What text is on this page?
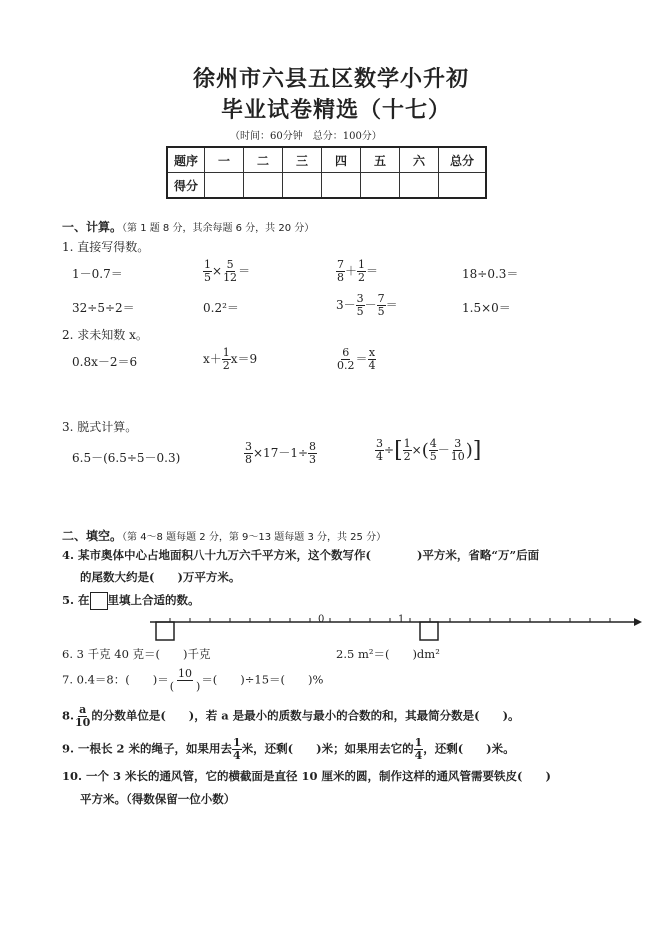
徐州市六县五区数学小升初
毕业试卷精选（十七）
（时间：60分钟　总分：100分）
题序	一	二	三	四	五	六	总分
得分							
一、计算。（第 1 题 8 分，其余每题 6 分，共 20 分）
1. 直接写得数。
1－0.7＝	$\frac{1}{5} \times \frac{5}{12}$ ＝	$\frac{7}{8} + \frac{1}{2}$ ＝	18÷0.3＝
32÷5÷2＝	0.2²＝	$3- \frac{3}{5} - \frac{7}{5}$ ＝	1.5×0＝
2. 求未知数 x。
0.8x－2＝6	$x+ \frac{1}{2} x=9$	$\frac{6}{0.2} = \frac{x}{4}$
3. 脱式计算。
6.5－(6.5÷5－0.3)	$\frac{3}{8} \times 17-1\div \frac{8}{3}$	$\frac{3}{4}$ ÷[ $\frac{1}{2}$ ×( $\frac{4}{5} - \frac{3}{10}$ )]
二、填空。（第 4～8 题每题 2 分，第 9～13 题每题 3 分，共 25 分）
4. 某市奥体中心占地面积八十九万六千平方米，这个数写作(　　　　)平方米，省略“万”后面
的尾数大约是(　　)万平方米。
5. 在 里填上合适的数。
0	1
6. 3 千克 40 克＝(　　)千克	2.5 m²＝(　　)dm²
7. 0.4＝8：(　　)＝ $\frac{10}{( )}$ ＝(　　)÷15＝(　　)%
8. $\frac{a}{10}$ 的分数单位是(　　)，若 a 是最小的质数与最小的合数的和，其最简分数是(　　)。
9. 一根长 2 米的绳子，如果用去 $\frac{1}{4}$ 米，还剩(　　)米；如果用去它的 $\frac{1}{4}$ ，还剩(　　)米。
10. 一个 3 米长的通风管，它的横截面是直径 10 厘米的圆，制作这样的通风管需要铁皮(　　)
平方米。（得数保留一位小数）
